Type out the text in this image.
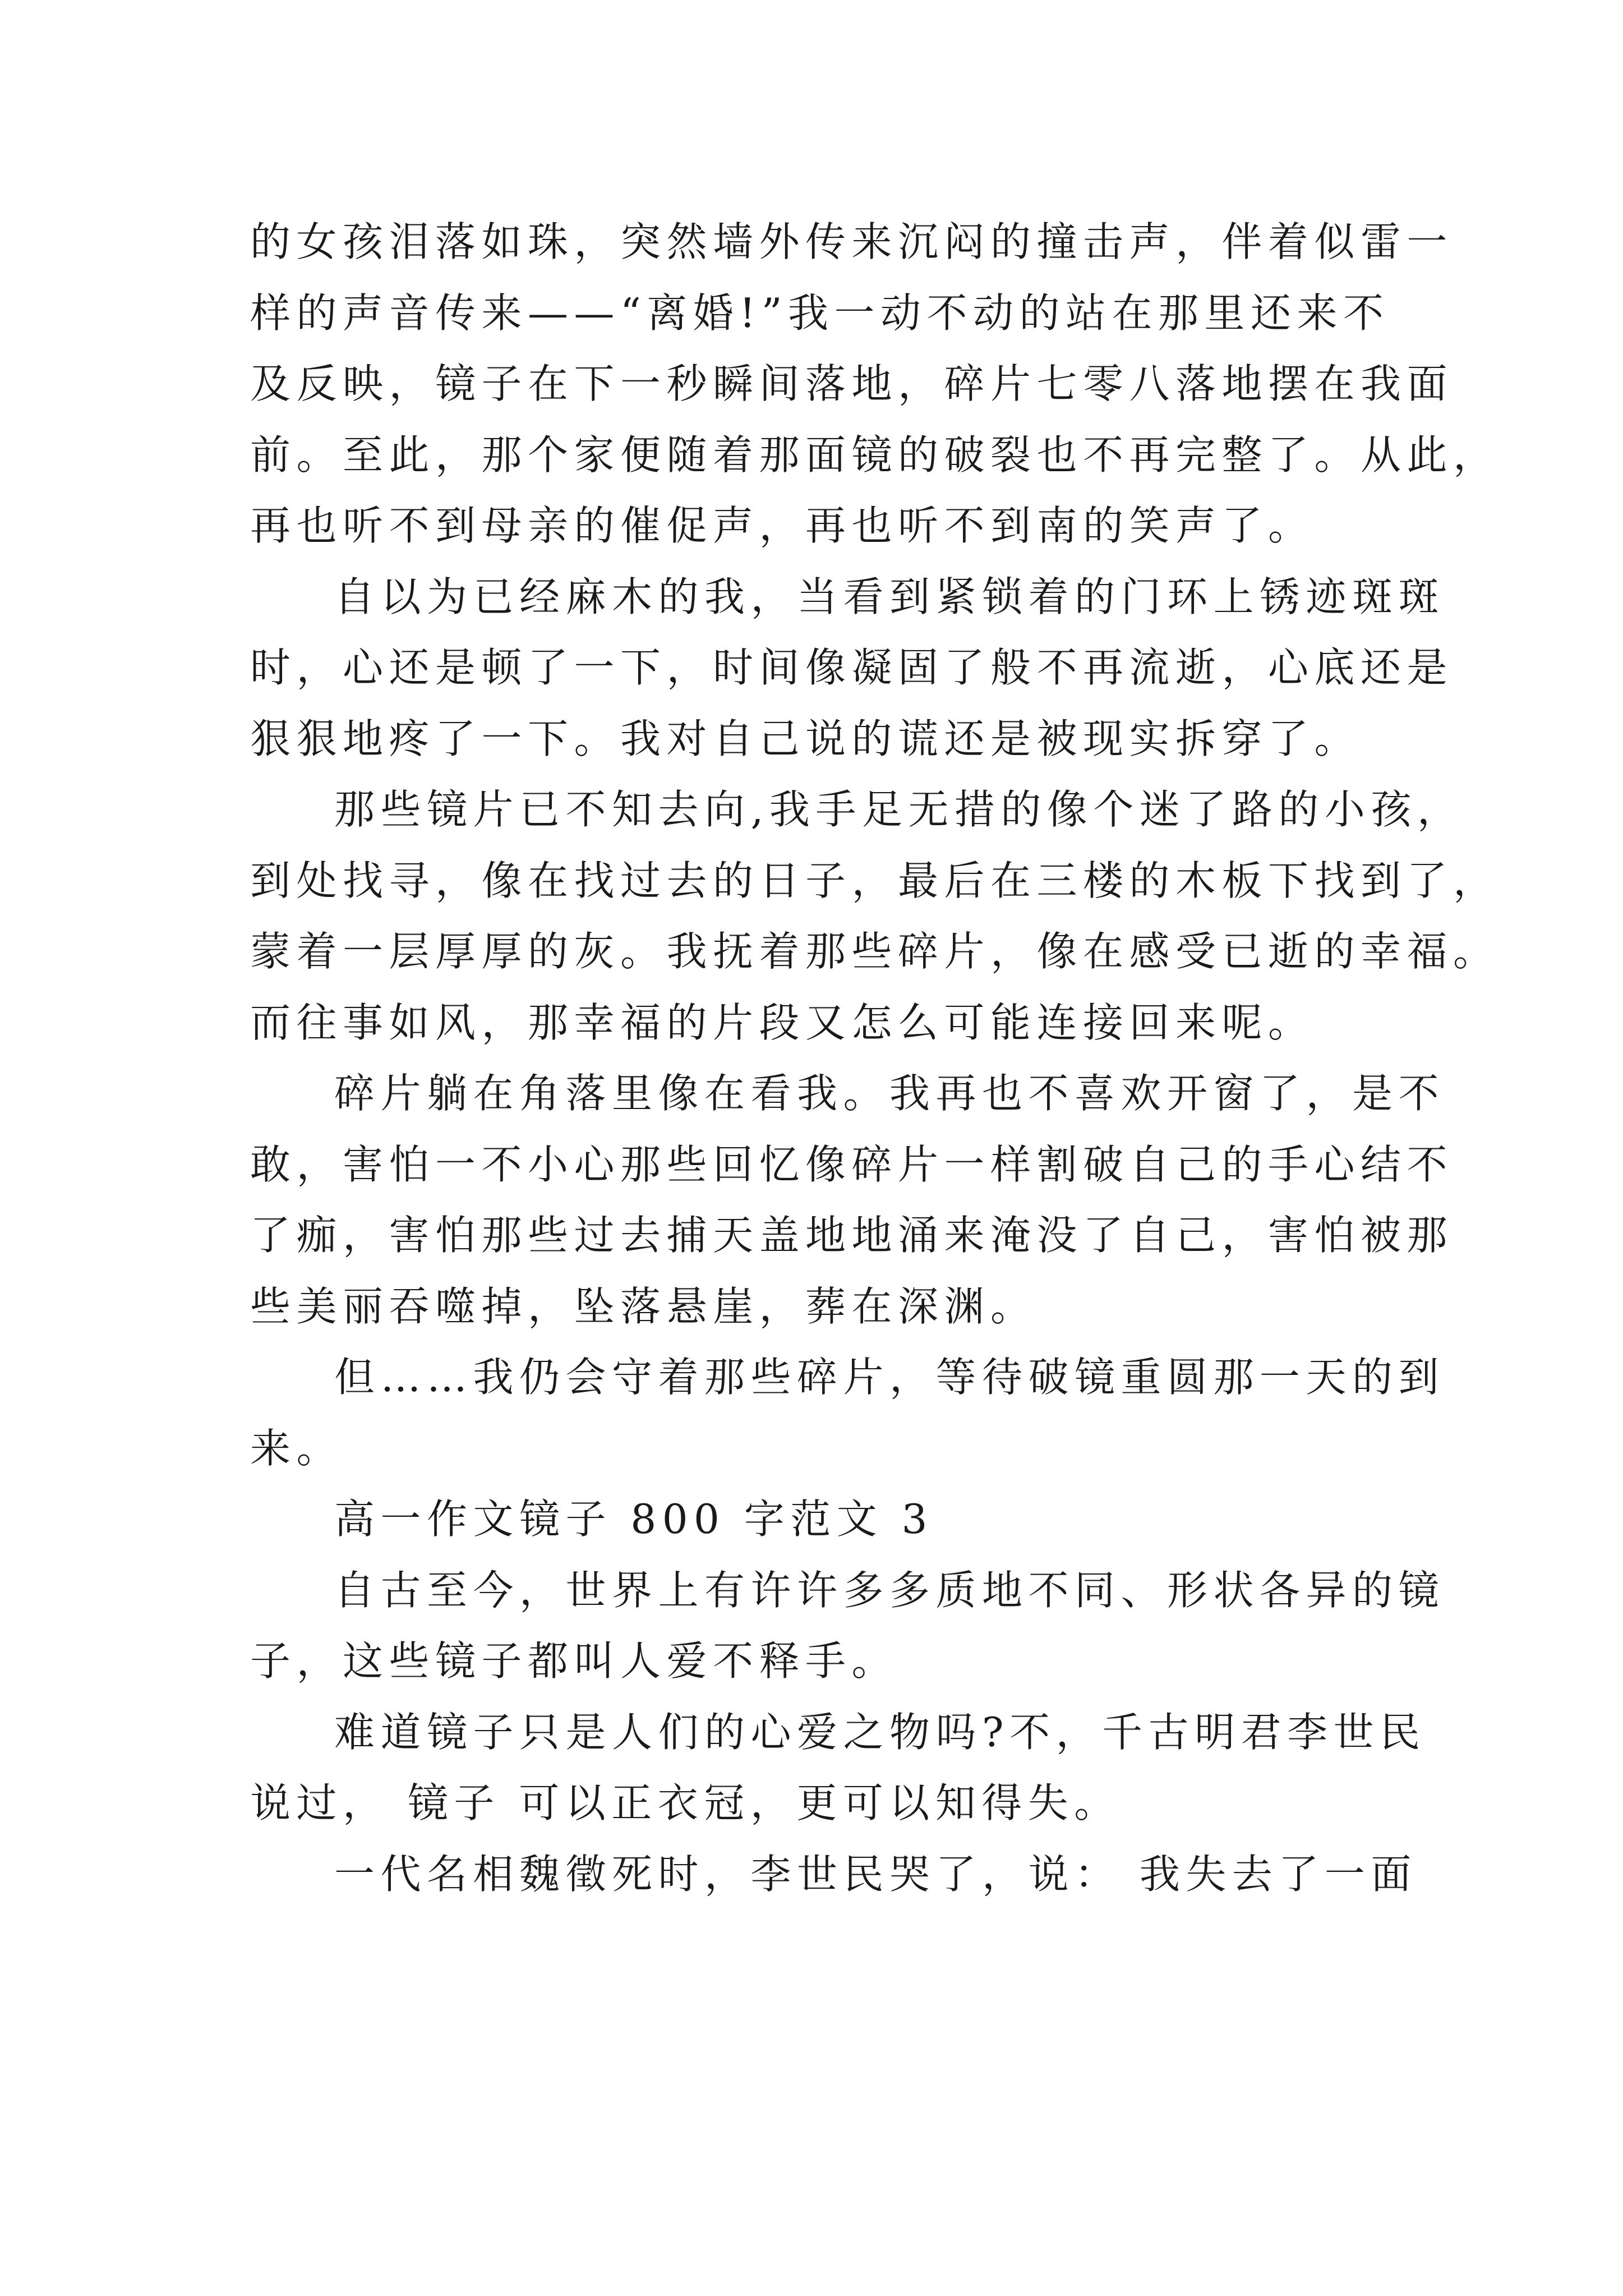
的女孩泪落如珠，突然墙外传来沉闷的撞击声，伴着似雷一
样的声音传来——“离婚!”我一动不动的站在那里还来不
及反映，镜子在下一秒瞬间落地，碎片七零八落地摆在我面
前。至此，那个家便随着那面镜的破裂也不再完整了。从此，
再也听不到母亲的催促声，再也听不到南的笑声了。
自以为已经麻木的我，当看到紧锁着的门环上锈迹斑斑
时，心还是顿了一下，时间像凝固了般不再流逝，心底还是
狠狠地疼了一下。我对自己说的谎还是被现实拆穿了。
那些镜片已不知去向,我手足无措的像个迷了路的小孩，
到处找寻，像在找过去的日子，最后在三楼的木板下找到了，
蒙着一层厚厚的灰。我抚着那些碎片，像在感受已逝的幸福。
而往事如风，那幸福的片段又怎么可能连接回来呢。
碎片躺在角落里像在看我。我再也不喜欢开窗了，是不
敢，害怕一不小心那些回忆像碎片一样割破自己的手心结不
了痂，害怕那些过去捕天盖地地涌来淹没了自己，害怕被那
些美丽吞噬掉，坠落悬崖，葬在深渊。
但……我仍会守着那些碎片，等待破镜重圆那一天的到
来。
高一作文镜子 800 字范文 3
自古至今，世界上有许许多多质地不同、形状各异的镜
子，这些镜子都叫人爱不释手。
难道镜子只是人们的心爱之物吗?不，千古明君李世民
说过， 镜子 可以正衣冠，更可以知得失。
一代名相魏徵死时，李世民哭了，说： 我失去了一面
